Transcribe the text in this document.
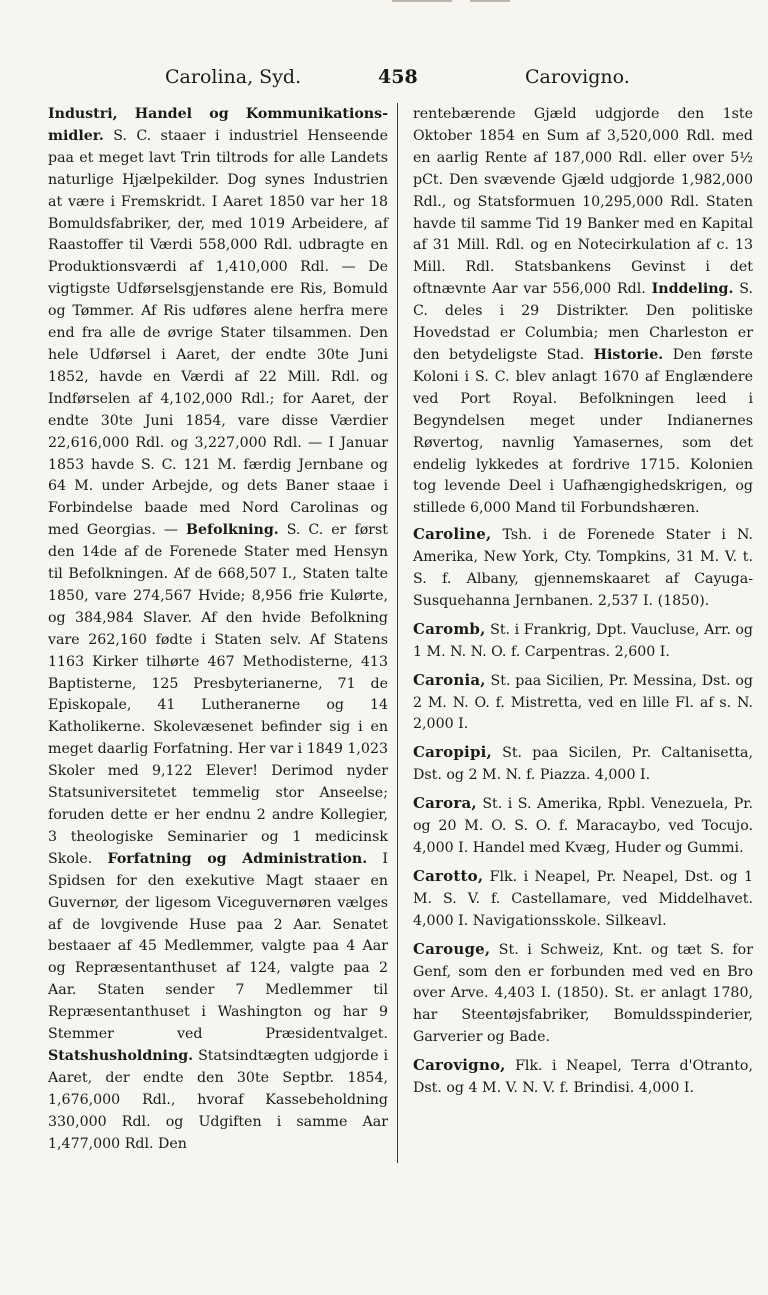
Carolina, Syd.	458	Carovigno.

Industri, Handel og Kommunikations-midler. S. C. staaer i industriel Henseende paa et meget lavt Trin tiltrods for alle Landets naturlige Hjælpekilder. Dog synes Industrien at være i Fremskridt. I Aaret 1850 var her 18 Bomuldsfabriker, der, med 1019 Arbeidere, af Raastoffer til Værdi 558,000 Rdl. udbragte en Produktionsværdi af 1,410,000 Rdl. — De vigtigste Udførselsgjenstande ere Ris, Bomuld og Tømmer. Af Ris udføres alene herfra mere end fra alle de øvrige Stater tilsammen. Den hele Udførsel i Aaret, der endte 30te Juni 1852, havde en Værdi af 22 Mill. Rdl. og Indførselen af 4,102,000 Rdl.; for Aaret, der endte 30te Juni 1854, vare disse Værdier 22,616,000 Rdl. og 3,227,000 Rdl. — I Januar 1853 havde S. C. 121 M. færdig Jernbane og 64 M. under Arbejde, og dets Baner staae i Forbindelse baade med Nord Carolinas og med Georgias. — Befolkning. S. C. er først den 14de af de Forenede Stater med Hensyn til Befolkningen. Af de 668,507 I., Staten talte 1850, vare 274,567 Hvide; 8,956 frie Kulørte, og 384,984 Slaver. Af den hvide Befolkning vare 262,160 fødte i Staten selv. Af Statens 1163 Kirker tilhørte 467 Methodisterne, 413 Baptisterne, 125 Presbyterianerne, 71 de Episkopale, 41 Lutheranerne og 14 Katholikerne. Skolevæsenet befinder sig i en meget daarlig Forfatning. Her var i 1849 1,023 Skoler med 9,122 Elever! Derimod nyder Statsuniversitetet temmelig stor Anseelse; foruden dette er her endnu 2 andre Kollegier, 3 theologiske Seminarier og 1 medicinsk Skole. Forfatning og Administration. I Spidsen for den exekutive Magt staaer en Guvernør, der ligesom Viceguvernøren vælges af de lovgivende Huse paa 2 Aar. Senatet bestaaer af 45 Medlemmer, valgte paa 4 Aar og Repræsentanthuset af 124, valgte paa 2 Aar. Staten sender 7 Medlemmer til Repræsentanthuset i Washington og har 9 Stemmer ved Præsidentvalget. Statshusholdning. Statsindtægten udgjorde i Aaret, der endte den 30te Septbr. 1854, 1,676,000 Rdl., hvoraf Kassebeholdning 330,000 Rdl. og Udgiften i samme Aar 1,477,000 Rdl. Den

rentebærende Gjæld udgjorde den 1ste Oktober 1854 en Sum af 3,520,000 Rdl. med en aarlig Rente af 187,000 Rdl. eller over 5½ pCt. Den svævende Gjæld udgjorde 1,982,000 Rdl., og Statsformuen 10,295,000 Rdl. Staten havde til samme Tid 19 Banker med en Kapital af 31 Mill. Rdl. og en Notecirkulation af c. 13 Mill. Rdl. Statsbankens Gevinst i det oftnævnte Aar var 556,000 Rdl. Inddeling. S. C. deles i 29 Distrikter. Den politiske Hovedstad er Columbia; men Charleston er den betydeligste Stad. Historie. Den første Koloni i S. C. blev anlagt 1670 af Englændere ved Port Royal. Befolkningen leed i Begyndelsen meget under Indianernes Røvertog, navnlig Yamasernes, som det endelig lykkedes at fordrive 1715. Kolonien tog levende Deel i Uafhængighedskrigen, og stillede 6,000 Mand til Forbundshæren.

Caroline, Tsh. i de Forenede Stater i N. Amerika, New York, Cty. Tompkins, 31 M. V. t. S. f. Albany, gjennemskaaret af Cayuga-Susquehanna Jernbanen. 2,537 I. (1850).

Caromb, St. i Frankrig, Dpt. Vaucluse, Arr. og 1 M. N. N. O. f. Carpentras. 2,600 I.

Caronia, St. paa Sicilien, Pr. Messina, Dst. og 2 M. N. O. f. Mistretta, ved en lille Fl. af s. N. 2,000 I.

Caropipi, St. paa Sicilen, Pr. Caltanisetta, Dst. og 2 M. N. f. Piazza. 4,000 I.

Carora, St. i S. Amerika, Rpbl. Venezuela, Pr. og 20 M. O. S. O. f. Maracaybo, ved Tocujo. 4,000 I. Handel med Kvæg, Huder og Gummi.

Carotto, Flk. i Neapel, Pr. Neapel, Dst. og 1 M. S. V. f. Castellamare, ved Middelhavet. 4,000 I. Navigationsskole. Silkeavl.

Carouge, St. i Schweiz, Knt. og tæt S. for Genf, som den er forbunden med ved en Bro over Arve. 4,403 I. (1850). St. er anlagt 1780, har Steentøjsfabriker, Bomuldsspinderier, Garverier og Bade.

Carovigno, Flk. i Neapel, Terra d'Otranto, Dst. og 4 M. V. N. V. f. Brindisi. 4,000 I.
